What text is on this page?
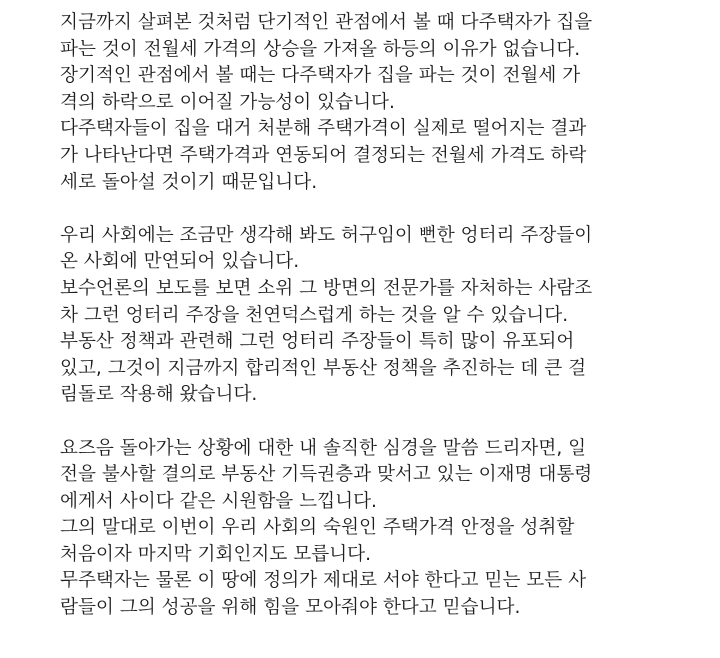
지금까지 살펴본 것처럼 단기적인 관점에서 볼 때 다주택자가 집을
파는 것이 전월세 가격의 상승을 가져올 하등의 이유가 없습니다.
장기적인 관점에서 볼 때는 다주택자가 집을 파는 것이 전월세 가
격의 하락으로 이어질 가능성이 있습니다.
다주택자들이 집을 대거 처분해 주택가격이 실제로 떨어지는 결과
가 나타난다면 주택가격과 연동되어 결정되는 전월세 가격도 하락
세로 돌아설 것이기 때문입니다.
우리 사회에는 조금만 생각해 봐도 허구임이 뻔한 엉터리 주장들이
온 사회에 만연되어 있습니다.
보수언론의 보도를 보면 소위 그 방면의 전문가를 자처하는 사람조
차 그런 엉터리 주장을 천연덕스럽게 하는 것을 알 수 있습니다.
부동산 정책과 관련해 그런 엉터리 주장들이 특히 많이 유포되어
있고, 그것이 지금까지 합리적인 부동산 정책을 추진하는 데 큰 걸
림돌로 작용해 왔습니다.
요즈음 돌아가는 상황에 대한 내 솔직한 심경을 말씀 드리자면, 일
전을 불사할 결의로 부동산 기득권층과 맞서고 있는 이재명 대통령
에게서 사이다 같은 시원함을 느낍니다.
그의 말대로 이번이 우리 사회의 숙원인 주택가격 안정을 성취할
처음이자 마지막 기회인지도 모릅니다.
무주택자는 물론 이 땅에 정의가 제대로 서야 한다고 믿는 모든 사
람들이 그의 성공을 위해 힘을 모아줘야 한다고 믿습니다.
